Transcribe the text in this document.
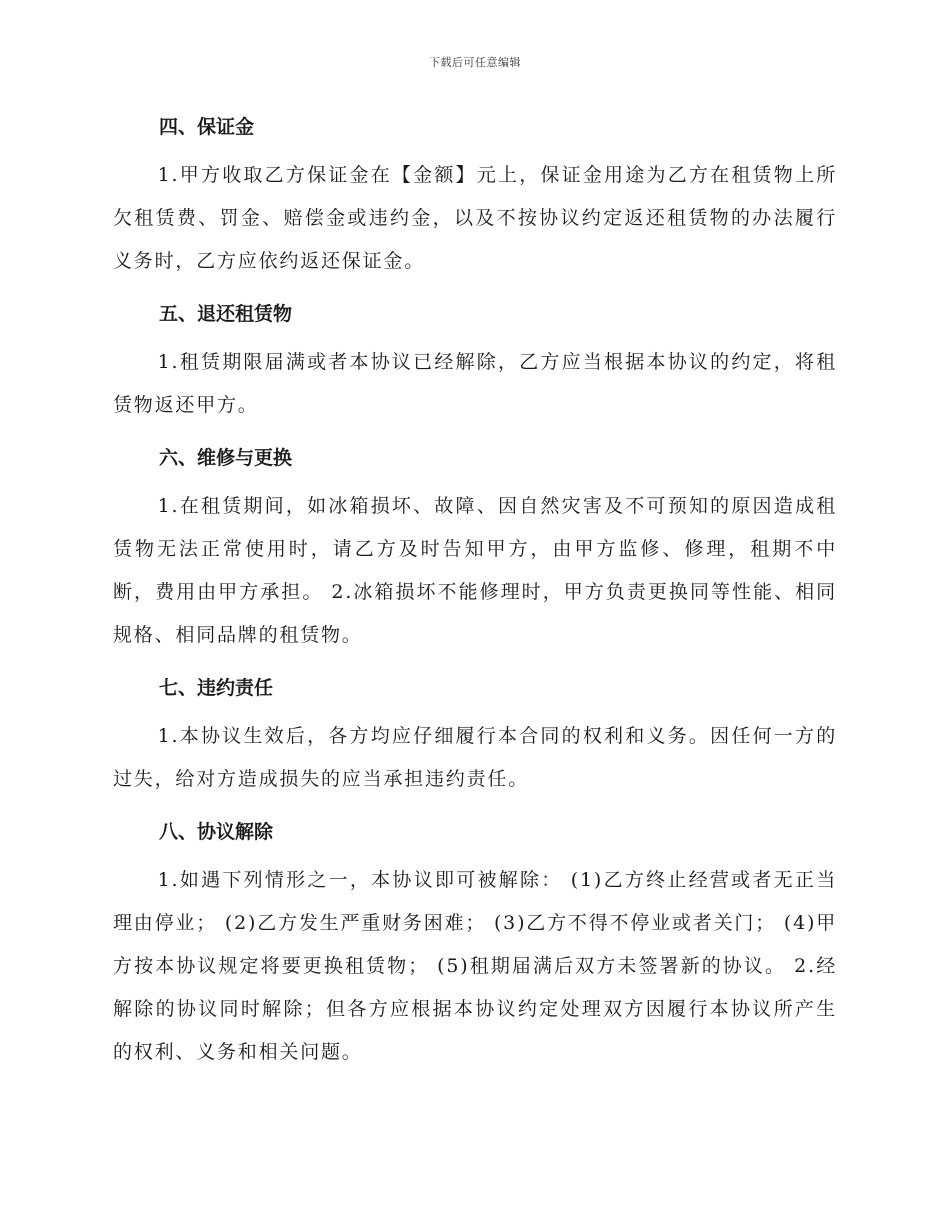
下载后可任意编辑
四、保证金

1.甲方收取乙方保证金在【金额】元上，保证金用途为乙方在租赁物上所欠租赁费、罚金、赔偿金或违约金，以及不按协议约定返还租赁物的办法履行义务时，乙方应依约返还保证金。

五、退还租赁物

1.租赁期限届满或者本协议已经解除，乙方应当根据本协议的约定，将租赁物返还甲方。

六、维修与更换

1.在租赁期间，如冰箱损坏、故障、因自然灾害及不可预知的原因造成租赁物无法正常使用时，请乙方及时告知甲方，由甲方监修、修理，租期不中断，费用由甲方承担。 2.冰箱损坏不能修理时，甲方负责更换同等性能、相同规格、相同品牌的租赁物。

七、违约责任

1.本协议生效后，各方均应仔细履行本合同的权利和义务。因任何一方的过失，给对方造成损失的应当承担违约责任。

八、协议解除

1.如遇下列情形之一，本协议即可被解除： (1)乙方终止经营或者无正当理由停业； (2)乙方发生严重财务困难； (3)乙方不得不停业或者关门； (4)甲方按本协议规定将要更换租赁物； (5)租期届满后双方未签署新的协议。 2.经解除的协议同时解除；但各方应根据本协议约定处理双方因履行本协议所产生的权利、义务和相关问题。
